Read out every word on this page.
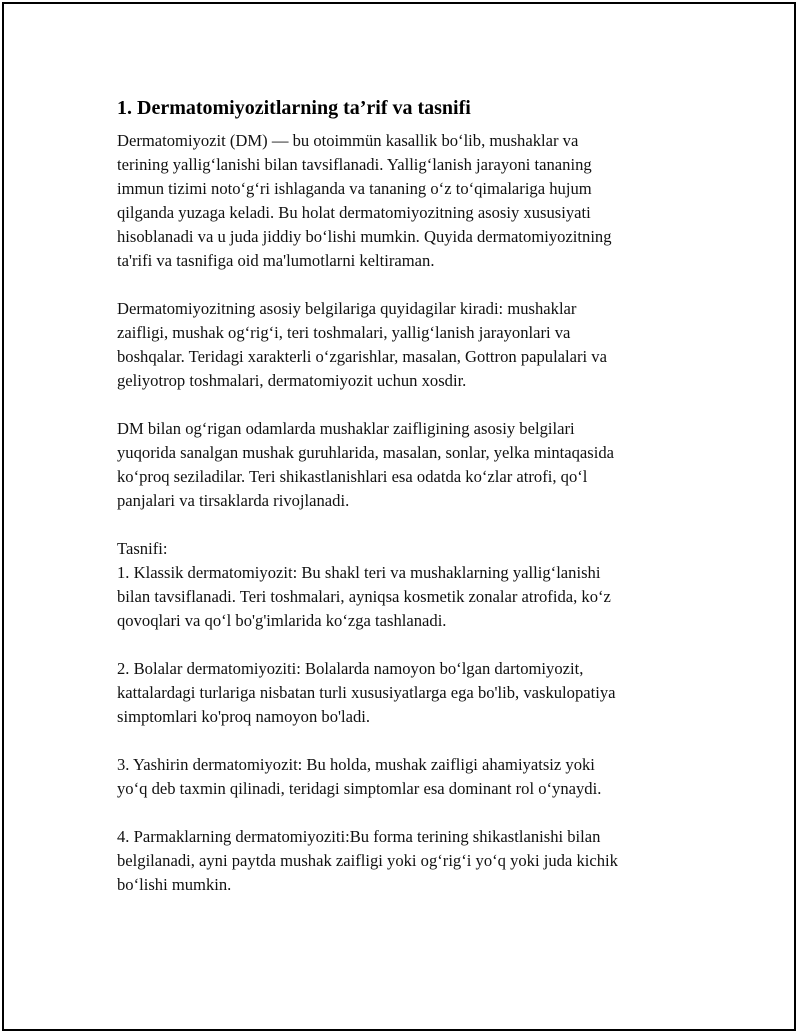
1. Dermatomiyozitlarning ta’rif va tasnifi
Dermatomiyozit (DM) — bu otoimmün kasallik bo‘lib, mushaklar va
terining yallig‘lanishi bilan tavsiflanadi. Yallig‘lanish jarayoni tananing
immun tizimi noto‘g‘ri ishlaganda va tananing o‘z to‘qimalariga hujum
qilganda yuzaga keladi. Bu holat dermatomiyozitning asosiy xususiyati
hisoblanadi va u juda jiddiy bo‘lishi mumkin. Quyida dermatomiyozitning
ta'rifi va tasnifiga oid ma'lumotlarni keltiraman.
Dermatomiyozitning asosiy belgilariga quyidagilar kiradi: mushaklar
zaifligi, mushak og‘rig‘i, teri toshmalari, yallig‘lanish jarayonlari va
boshqalar. Teridagi xarakterli o‘zgarishlar, masalan, Gottron papulalari va
geliyotrop toshmalari, dermatomiyozit uchun xosdir.
DM bilan og‘rigan odamlarda mushaklar zaifligining asosiy belgilari
yuqorida sanalgan mushak guruhlarida, masalan, sonlar, yelka mintaqasida
ko‘proq seziladilar. Teri shikastlanishlari esa odatda ko‘zlar atrofi, qo‘l
panjalari va tirsaklarda rivojlanadi.
Tasnifi:
1. Klassik dermatomiyozit: Bu shakl teri va mushaklarning yallig‘lanishi
bilan tavsiflanadi. Teri toshmalari, ayniqsa kosmetik zonalar atrofida, ko‘z
qovoqlari va qo‘l bo'g'imlarida ko‘zga tashlanadi.
2. Bolalar dermatomiyoziti: Bolalarda namoyon bo‘lgan dartomiyozit,
kattalardagi turlariga nisbatan turli xususiyatlarga ega bo'lib, vaskulopatiya
simptomlari ko'proq namoyon bo'ladi.
3. Yashirin dermatomiyozit: Bu holda, mushak zaifligi ahamiyatsiz yoki
yo‘q deb taxmin qilinadi, teridagi simptomlar esa dominant rol o‘ynaydi.
4. Parmaklarning dermatomiyoziti:Bu forma terining shikastlanishi bilan
belgilanadi, ayni paytda mushak zaifligi yoki og‘rig‘i yo‘q yoki juda kichik
bo‘lishi mumkin.
